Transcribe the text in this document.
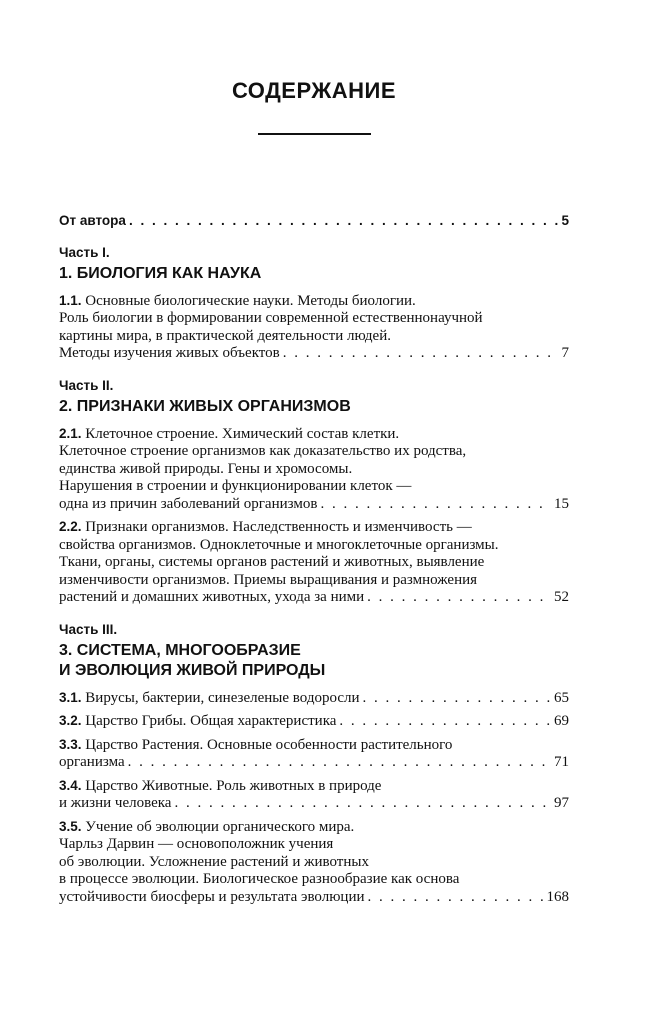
СОДЕРЖАНИЕ
От автора . . .	5
Часть I.
1. БИОЛОГИЯ КАК НАУКА
1.1. Основные биологические науки. Методы биологии.
Роль биологии в формировании современной естественнонаучной
картины мира, в практической деятельности людей.
Методы изучения живых объектов . . .	7
Часть II.
2. ПРИЗНАКИ ЖИВЫХ ОРГАНИЗМОВ
2.1. Клеточное строение. Химический состав клетки.
Клеточное строение организмов как доказательство их родства,
единства живой природы. Гены и хромосомы.
Нарушения в строении и функционировании клеток —
одна из причин заболеваний организмов . . .	15
2.2. Признаки организмов. Наследственность и изменчивость —
свойства организмов. Одноклеточные и многоклеточные организмы.
Ткани, органы, системы органов растений и животных, выявление
изменчивости организмов. Приемы выращивания и размножения
растений и домашних животных, ухода за ними . . .	52
Часть III.
3. СИСТЕМА, МНОГООБРАЗИЕ
И ЭВОЛЮЦИЯ ЖИВОЙ ПРИРОДЫ
3.1. Вирусы, бактерии, синезеленые водоросли . . .	65
3.2. Царство Грибы. Общая характеристика . . .	69
3.3. Царство Растения. Основные особенности растительного
организма . . .	71
3.4. Царство Животные. Роль животных в природе
и жизни человека . . .	97
3.5. Учение об эволюции органического мира.
Чарльз Дарвин — основоположник учения
об эволюции. Усложнение растений и животных
в процессе эволюции. Биологическое разнообразие как основа
устойчивости биосферы и результата эволюции . . .	168
